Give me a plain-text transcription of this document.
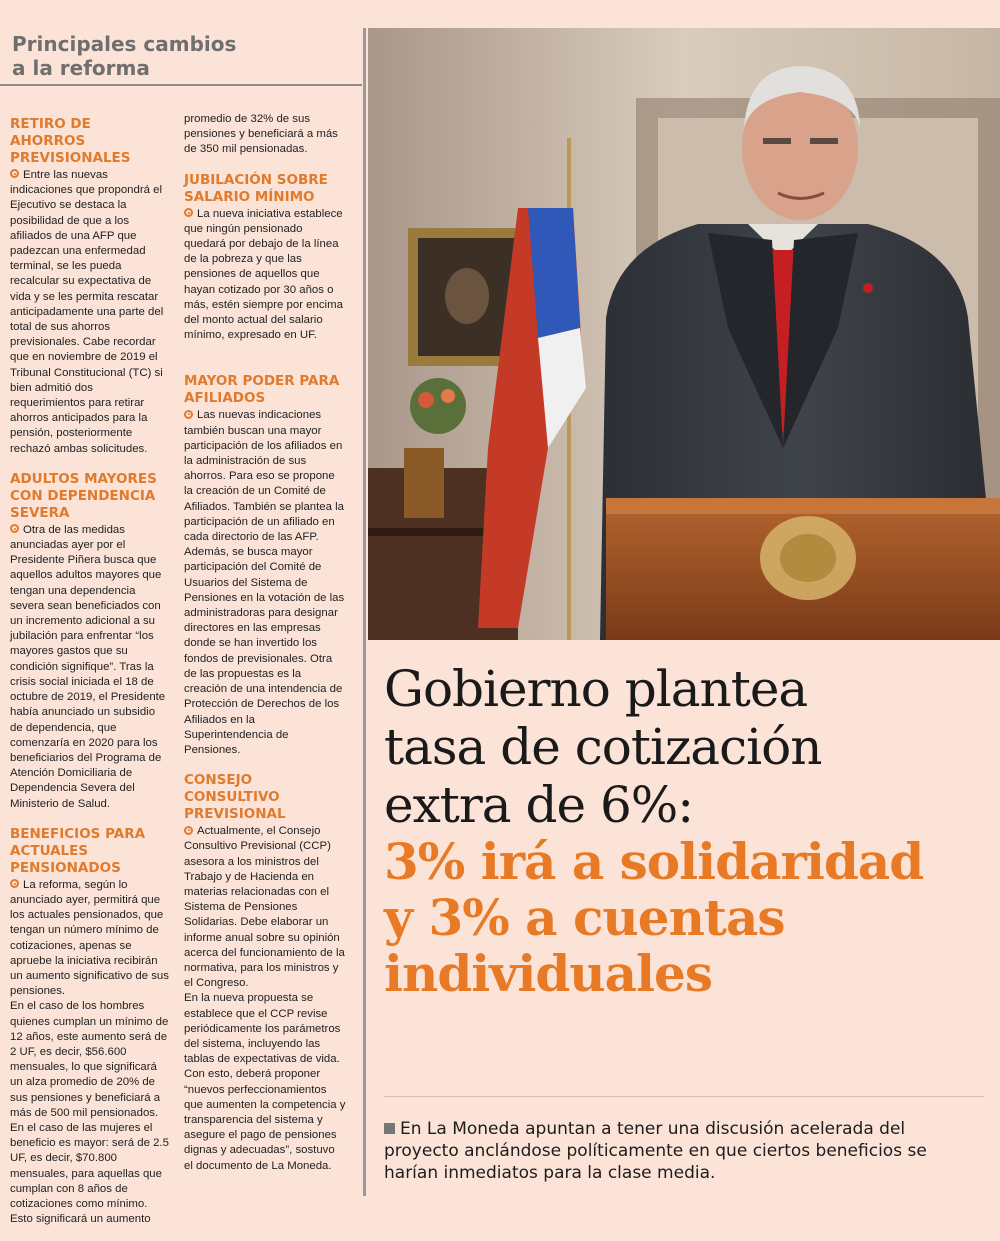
Principales cambios
a la reforma
RETIRO DE AHORROS PREVISIONALES

Entre las nuevas indicaciones que propondrá el Ejecutivo se destaca la posibilidad de que a los afiliados de una AFP que padezcan una enfermedad terminal, se les pueda recalcular su expectativa de vida y se les permita rescatar anticipadamente una parte del total de sus ahorros previsionales. Cabe recordar que en noviembre de 2019 el Tribunal Constitucional (TC) si bien admitió dos requerimientos para retirar ahorros anticipados para la pensión, posteriormente rechazó ambas solicitudes.

ADULTOS MAYORES CON DEPENDENCIA SEVERA

Otra de las medidas anunciadas ayer por el Presidente Piñera busca que aquellos adultos mayores que tengan una dependencia severa sean beneficiados con un incremento adicional a su jubilación para enfrentar “los mayores gastos que su condición signifique”. Tras la crisis social iniciada el 18 de octubre de 2019, el Presidente había anunciado un subsidio de dependencia, que comenzaría en 2020 para los beneficiarios del Programa de Atención Domiciliaria de Dependencia Severa del Ministerio de Salud.

BENEFICIOS PARA ACTUALES PENSIONADOS

La reforma, según lo anunciado ayer, permitirá que los actuales pensionados, que tengan un número mínimo de cotizaciones, apenas se apruebe la iniciativa recibirán un aumento significativo de sus pensiones.

En el caso de los hombres quienes cumplan un mínimo de 12 años, este aumento será de 2 UF, es decir, $56.600 mensuales, lo que significará un alza promedio de 20% de sus pensiones y beneficiará a más de 500 mil pensionados.

En el caso de las mujeres el beneficio es mayor: será de 2.5 UF, es decir, $70.800 mensuales, para aquellas que cumplan con 8 años de cotizaciones como mínimo. Esto significará un aumento

promedio de 32% de sus pensiones y beneficiará a más de 350 mil pensionadas.

JUBILACIÓN SOBRE SALARIO MÍNIMO

La nueva iniciativa establece que ningún pensionado quedará por debajo de la línea de la pobreza y que las pensiones de aquellos que hayan cotizado por 30 años o más, estén siempre por encima del monto actual del salario mínimo, expresado en UF.

MAYOR PODER PARA AFILIADOS

Las nuevas indicaciones también buscan una mayor participación de los afiliados en la administración de sus ahorros. Para eso se propone la creación de un Comité de Afiliados. También se plantea la participación de un afiliado en cada directorio de las AFP. Además, se busca mayor participación del Comité de Usuarios del Sistema de Pensiones en la votación de las administradoras para designar directores en las empresas donde se han invertido los fondos de previsionales. Otra de las propuestas es la creación de una intendencia de Protección de Derechos de los Afiliados en la Superintendencia de Pensiones.

CONSEJO CONSULTIVO PREVISIONAL

Actualmente, el Consejo Consultivo Previsional (CCP) asesora a los ministros del Trabajo y de Hacienda en materias relacionadas con el Sistema de Pensiones Solidarias. Debe elaborar un informe anual sobre su opinión acerca del funcionamiento de la normativa, para los ministros y el Congreso.

En la nueva propuesta se establece que el CCP revise periódicamente los parámetros del sistema, incluyendo las tablas de expectativas de vida. Con esto, deberá proponer “nuevos perfeccionamientos que aumenten la competencia y transparencia del sistema y asegure el pago de pensiones dignas y adecuadas”, sostuvo el documento de La Moneda.

Gobierno plantea
tasa de cotización
extra de 6%:
3% irá a solidaridad
y 3% a cuentas
individuales

En La Moneda apuntan a tener una discusión acelerada del proyecto anclándose políticamente en que ciertos beneficios se harían inmediatos para la clase media.
